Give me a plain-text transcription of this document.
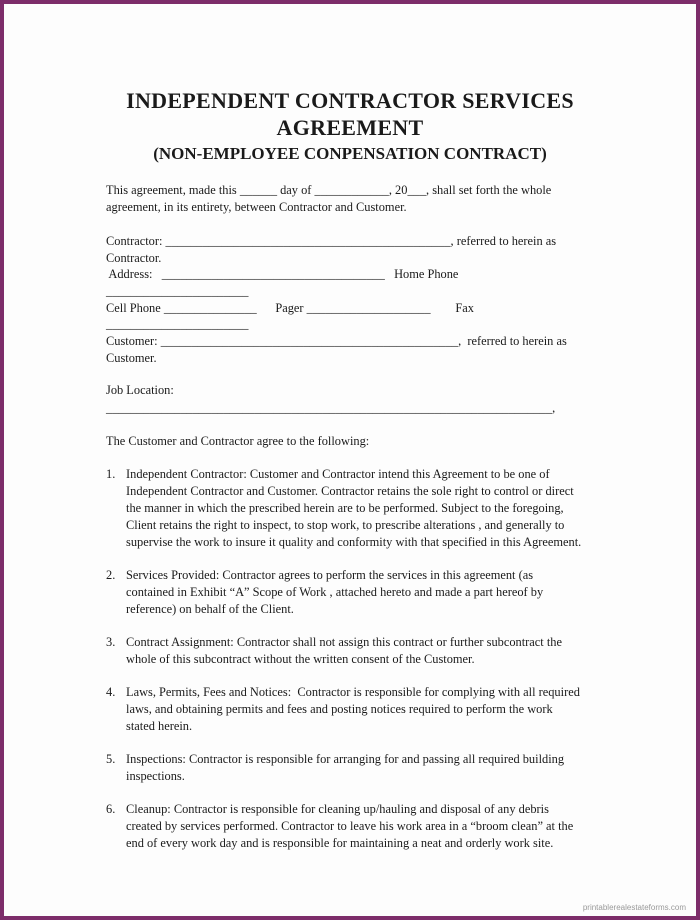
INDEPENDENT CONTRACTOR SERVICES
AGREEMENT
(NON-EMPLOYEE CONPENSATION CONTRACT)
This agreement, made this ______ day of ____________, 20___, shall set forth the whole
agreement, in its entirety, between Contractor and Customer.
Contractor: ______________________________________________, referred to herein as
Contractor.
Address:   ____________________________________   Home Phone
_______________________
Cell Phone _______________      Pager ____________________        Fax
_______________________
Customer: ________________________________________________,  referred to herein as
Customer.
Job Location:
________________________________________________________________________,
The Customer and Contractor agree to the following:
1. Independent Contractor: Customer and Contractor intend this Agreement to be one of
Independent Contractor and Customer. Contractor retains the sole right to control or direct
the manner in which the prescribed herein are to be performed. Subject to the foregoing,
Client retains the right to inspect, to stop work, to prescribe alterations , and generally to
supervise the work to insure it quality and conformity with that specified in this Agreement.
2. Services Provided: Contractor agrees to perform the services in this agreement (as
contained in Exhibit “A” Scope of Work , attached hereto and made a part hereof by
reference) on behalf of the Client.
3. Contract Assignment: Contractor shall not assign this contract or further subcontract the
whole of this subcontract without the written consent of the Customer.
4. Laws, Permits, Fees and Notices:  Contractor is responsible for complying with all required
laws, and obtaining permits and fees and posting notices required to perform the work
stated herein.
5. Inspections: Contractor is responsible for arranging for and passing all required building
inspections.
6. Cleanup: Contractor is responsible for cleaning up/hauling and disposal of any debris
created by services performed. Contractor to leave his work area in a “broom clean” at the
end of every work day and is responsible for maintaining a neat and orderly work site.
printablerealestateforms.com
